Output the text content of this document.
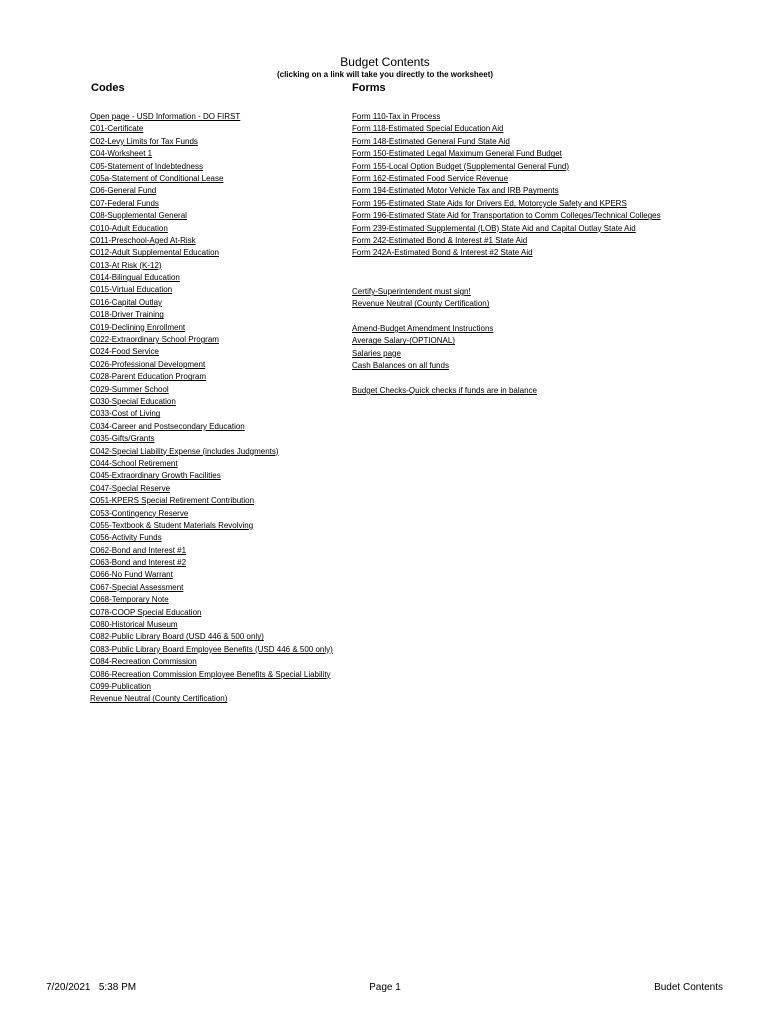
Budget Contents
(clicking on a link will take you directly to the worksheet)
Codes	Forms
Open page - USD Information - DO FIRST
C01-Certificate
C02-Levy Limits for Tax Funds
C04-Worksheet 1
C05-Statement of Indebtedness
C05a-Statement of Conditional Lease
C06-General Fund
C07-Federal Funds
C08-Supplemental General
C010-Adult Education
C011-Preschool-Aged At-Risk
C012-Adult Supplemental Education
C013-At Risk (K-12)
C014-Bilingual Education
C015-Virtual Education
C016-Capital Outlay
C018-Driver Training
C019-Declining Enrollment
C022-Extraordinary School Program
C024-Food Service
C026-Professional Development
C028-Parent Education Program
C029-Summer School
C030-Special Education
C033-Cost of Living
C034-Career and Postsecondary Education
C035-Gifts/Grants
C042-Special Liability Expense (includes Judgments)
C044-School Retirement
C045-Extraordinary Growth Facilities
C047-Special Reserve
C051-KPERS Special Retirement Contribution
C053-Contingency Reserve
C055-Textbook & Student Materials Revolving
C056-Activity Funds
C062-Bond and Interest #1
C063-Bond and Interest #2
C066-No Fund Warrant
C067-Special Assessment
C068-Temporary Note
C078-COOP Special Education
C080-Historical Museum
C082-Public Library Board (USD 446 & 500 only)
C083-Public Library Board Employee Benefits (USD 446 & 500 only)
C084-Recreation Commission
C086-Recreation Commission Employee Benefits & Special Liability
C099-Publication
Revenue Neutral (County Certification)
Form 110-Tax in Process
Form 118-Estimated Special Education Aid
Form 148-Estimated General Fund State Aid
Form 150-Estimated Legal Maximum General Fund Budget
Form 155-Local Option Budget (Supplemental General Fund)
Form 162-Estimated Food Service Revenue
Form 194-Estimated Motor Vehicle Tax and IRB Payments
Form 195-Estimated State Aids for Drivers Ed, Motorcycle Safety and KPERS
Form 196-Estimated State Aid for Transportation to Comm Colleges/Technical Colleges
Form 239-Estimated Supplemental (LOB) State Aid and Capital Outlay State Aid
Form 242-Estimated Bond & Interest #1 State Aid
Form 242A-Estimated Bond & Interest #2 State Aid
Certify-Superintendent must sign!
Revenue Neutral (County Certification)
Amend-Budget Amendment Instructions
Average Salary-(OPTIONAL)
Salaries page
Cash Balances on all funds
Budget Checks-Quick checks if funds are in balance
7/20/2021   5:38 PM	Page 1	Budet Contents
